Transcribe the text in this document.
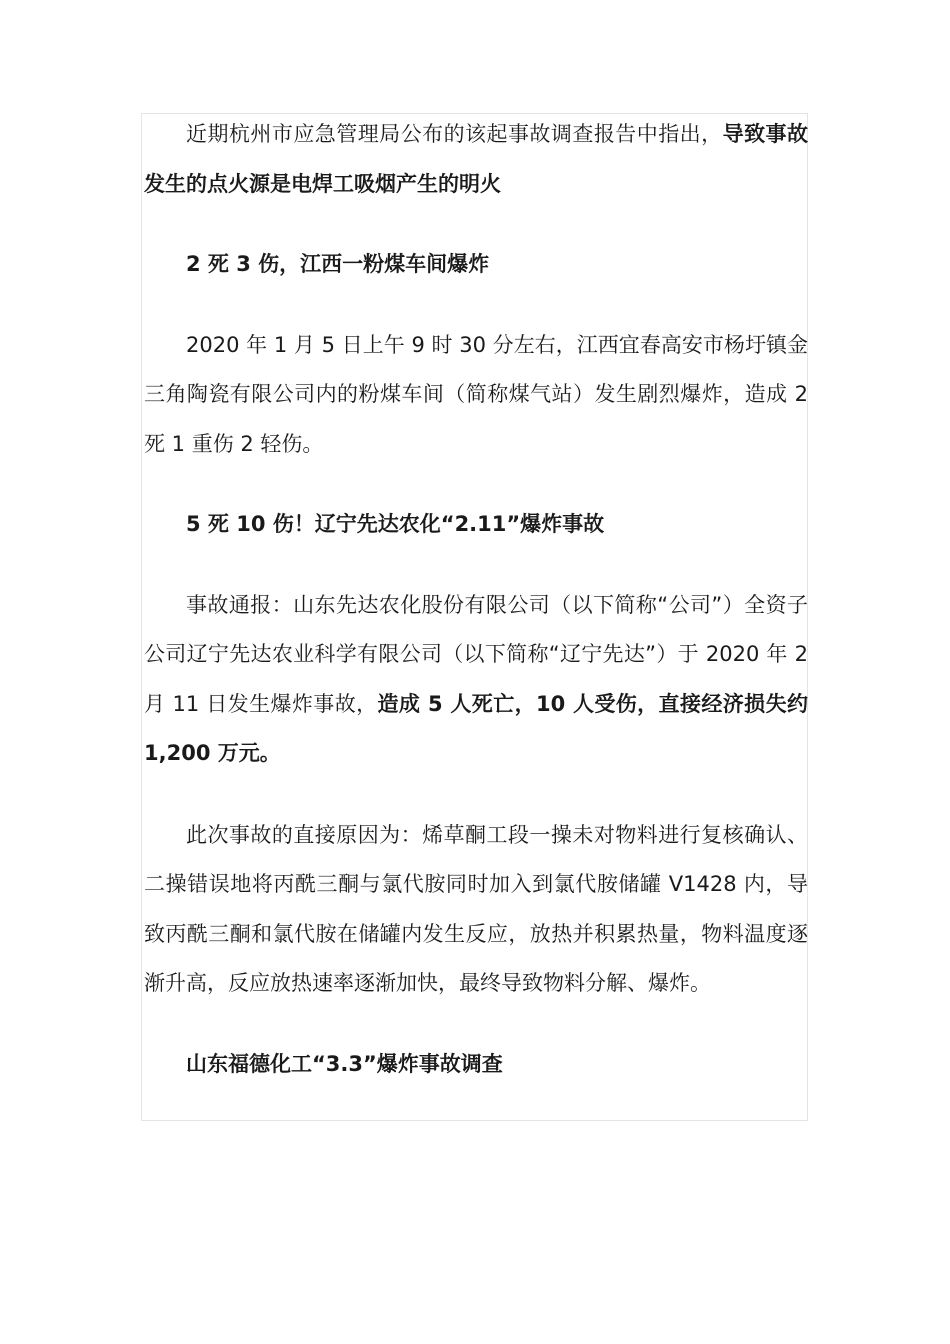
近期杭州市应急管理局公布的该起事故调查报告中指出，导致事故发生的点火源是电焊工吸烟产生的明火

2 死 3 伤，江西一粉煤车间爆炸

2020 年 1 月 5 日上午 9 时 30 分左右，江西宜春高安市杨圩镇金三角陶瓷有限公司内的粉煤车间（简称煤气站）发生剧烈爆炸，造成 2 死 1 重伤 2 轻伤。

5 死 10 伤！辽宁先达农化“2.11”爆炸事故

事故通报：山东先达农化股份有限公司（以下简称“公司”）全资子公司辽宁先达农业科学有限公司（以下简称“辽宁先达”）于 2020 年 2 月 11 日发生爆炸事故，造成 5 人死亡，10 人受伤，直接经济损失约 1,200 万元。

此次事故的直接原因为：烯草酮工段一操未对物料进行复核确认、二操错误地将丙酰三酮与氯代胺同时加入到氯代胺储罐 V1428 内，导致丙酰三酮和氯代胺在储罐内发生反应，放热并积累热量，物料温度逐渐升高，反应放热速率逐渐加快，最终导致物料分解、爆炸。

山东福德化工“3.3”爆炸事故调查
